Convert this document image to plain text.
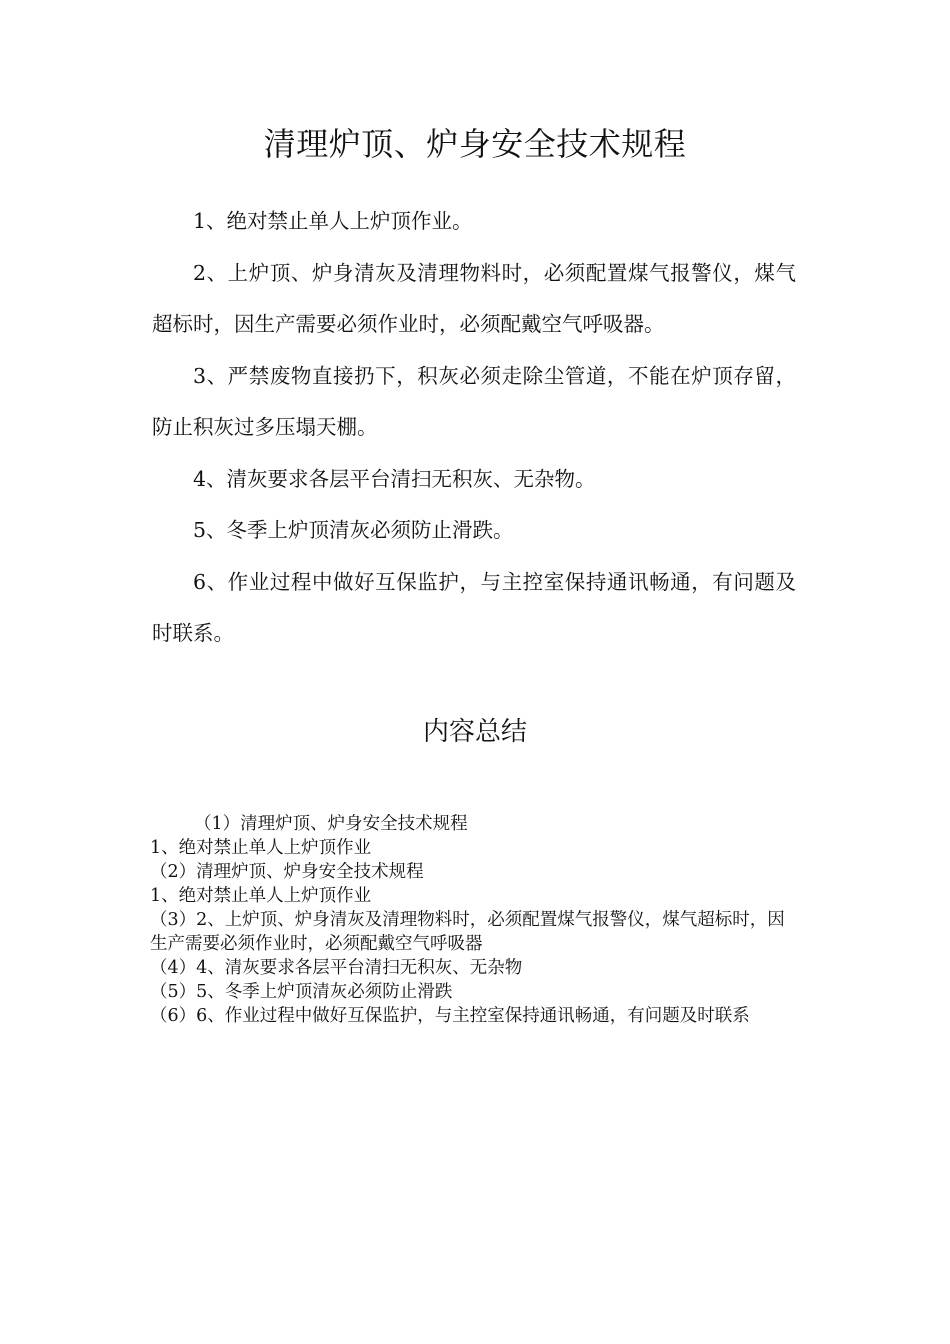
清理炉顶、炉身安全技术规程

1、绝对禁止单人上炉顶作业。

2、上炉顶、炉身清灰及清理物料时，必须配置煤气报警仪，煤气超标时，因生产需要必须作业时，必须配戴空气呼吸器。

3、严禁废物直接扔下，积灰必须走除尘管道，不能在炉顶存留，防止积灰过多压塌天棚。

4、清灰要求各层平台清扫无积灰、无杂物。

5、冬季上炉顶清灰必须防止滑跌。

6、作业过程中做好互保监护，与主控室保持通讯畅通，有问题及时联系。

内容总结

（1）清理炉顶、炉身安全技术规程

1、绝对禁止单人上炉顶作业

（2）清理炉顶、炉身安全技术规程

1、绝对禁止单人上炉顶作业

（3）2、上炉顶、炉身清灰及清理物料时，必须配置煤气报警仪，煤气超标时，因生产需要必须作业时，必须配戴空气呼吸器

（4）4、清灰要求各层平台清扫无积灰、无杂物

（5）5、冬季上炉顶清灰必须防止滑跌

（6）6、作业过程中做好互保监护，与主控室保持通讯畅通，有问题及时联系
